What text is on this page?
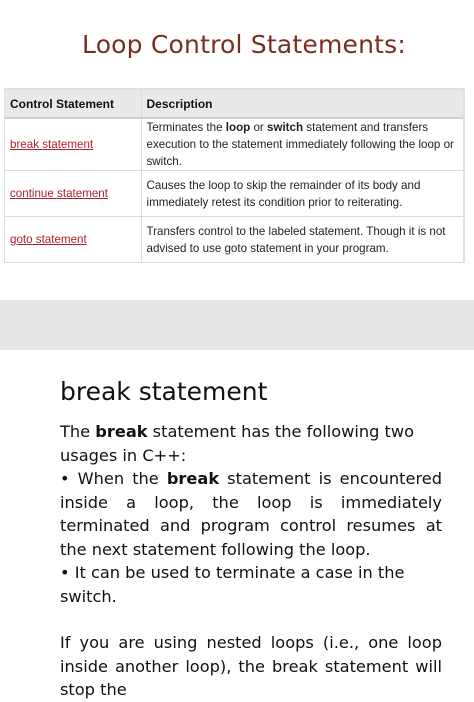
Loop Control Statements:
Control Statement	Description
break statement	Terminates the loop or switch statement and transfers execution to the statement immediately following the loop or switch.
continue statement	Causes the loop to skip the remainder of its body and immediately retest its condition prior to reiterating.
goto statement	Transfers control to the labeled statement. Though it is not advised to use goto statement in your program.
break statement

The break statement has the following two usages in C++:

• When the break statement is encountered inside a loop, the loop is immediately terminated and program control resumes at the next statement following the loop.

• It can be used to terminate a case in the switch.

If you are using nested loops (i.e., one loop inside another loop), the break statement will stop the
